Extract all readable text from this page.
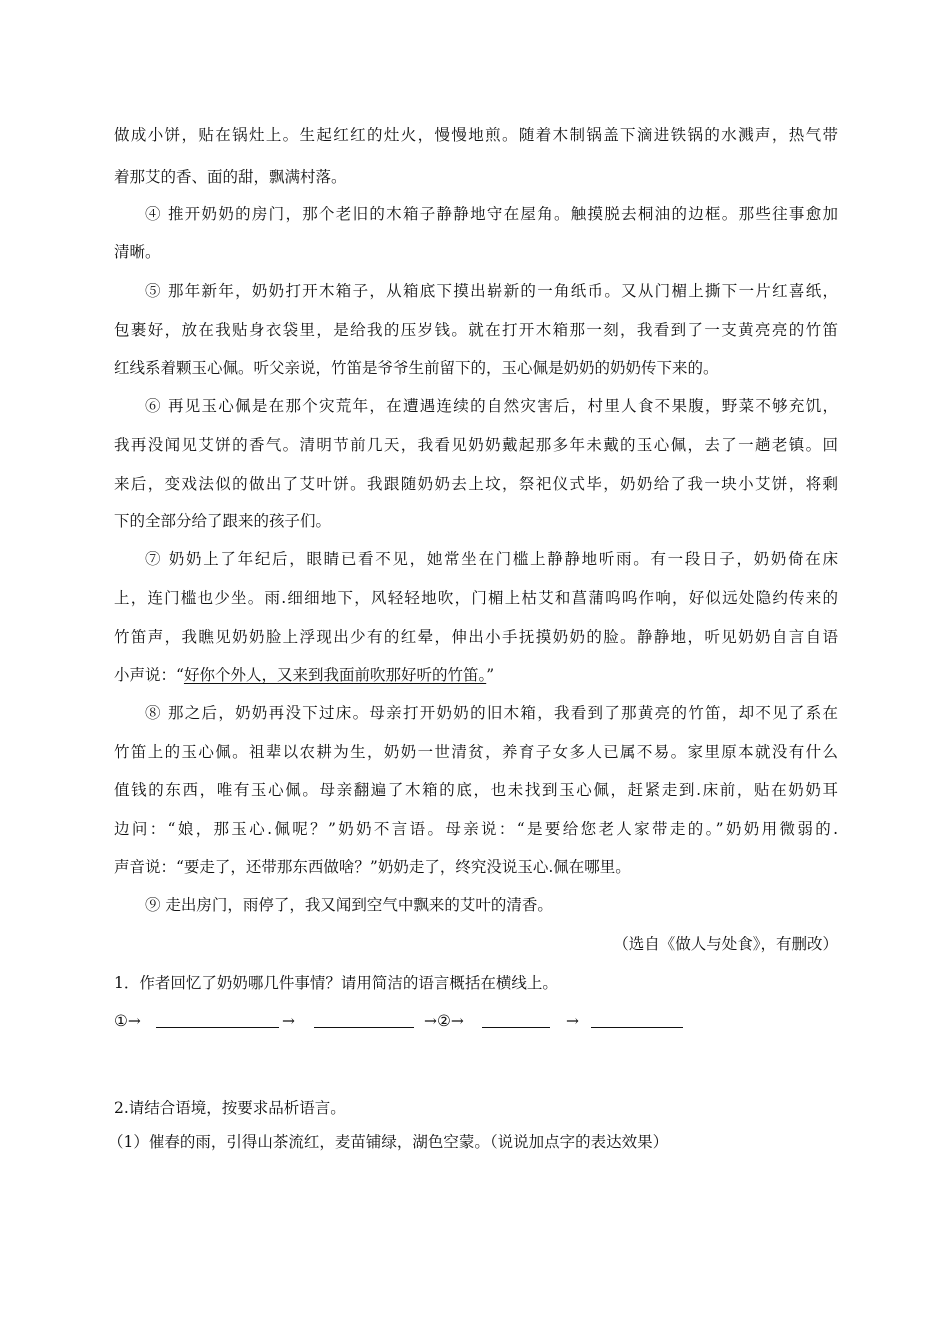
做成小饼，贴在锅灶上。生起红红的灶火，慢慢地煎。随着木制锅盖下滴进铁锅的水溅声，热气带
着那艾的香、面的甜，飘满村落。
④ 推开奶奶的房门，那个老旧的木箱子静静地守在屋角。触摸脱去桐油的边框。那些往事愈加
清晰。
⑤ 那年新年，奶奶打开木箱子，从箱底下摸出崭新的一角纸币。又从门楣上撕下一片红喜纸，
包裹好，放在我贴身衣袋里，是给我的压岁钱。就在打开木箱那一刻，我看到了一支黄亮亮的竹笛
红线系着颗玉心佩。听父亲说，竹笛是爷爷生前留下的，玉心佩是奶奶的奶奶传下来的。
⑥ 再见玉心佩是在那个灾荒年，在遭遇连续的自然灾害后，村里人食不果腹，野菜不够充饥，
我再没闻见艾饼的香气。清明节前几天，我看见奶奶戴起那多年未戴的玉心佩，去了一趟老镇。回
来后，变戏法似的做出了艾叶饼。我跟随奶奶去上坟，祭祀仪式毕，奶奶给了我一块小艾饼，将剩
下的全部分给了跟来的孩子们。
⑦ 奶奶上了年纪后，眼睛已看不见，她常坐在门槛上静静地听雨。有一段日子，奶奶倚在床
上，连门槛也少坐。雨.细细地下，风轻轻地吹，门楣上枯艾和菖蒲呜呜作响，好似远处隐约传来的
竹笛声，我瞧见奶奶脸上浮现出少有的红晕，伸出小手抚摸奶奶的脸。静静地，听见奶奶自言自语
小声说：“好你个外人，又来到我面前吹那好听的竹笛。”
⑧ 那之后，奶奶再没下过床。母亲打开奶奶的旧木箱，我看到了那黄亮的竹笛，却不见了系在
竹笛上的玉心佩。祖辈以农耕为生，奶奶一世清贫，养育子女多人已属不易。家里原本就没有什么
值钱的东西，唯有玉心佩。母亲翻遍了木箱的底，也未找到玉心佩，赶紧走到.床前，贴在奶奶耳
边问：“娘，那玉心.佩呢？”奶奶不言语。母亲说：“是要给您老人家带走的。”奶奶用微弱的.
声音说：“要走了，还带那东西做啥？”奶奶走了，终究没说玉心.佩在哪里。
⑨ 走出房门，雨停了，我又闻到空气中飘来的艾叶的清香。
（选自《做人与处食》，有删改）
1．作者回忆了奶奶哪几件事情？请用简洁的语言概括在横线上。
①→	→	→②→	→
2.请结合语境，按要求品析语言。
（1）催春的雨，引得山茶流红，麦苗铺绿，湖色空蒙。（说说加点字的表达效果）
